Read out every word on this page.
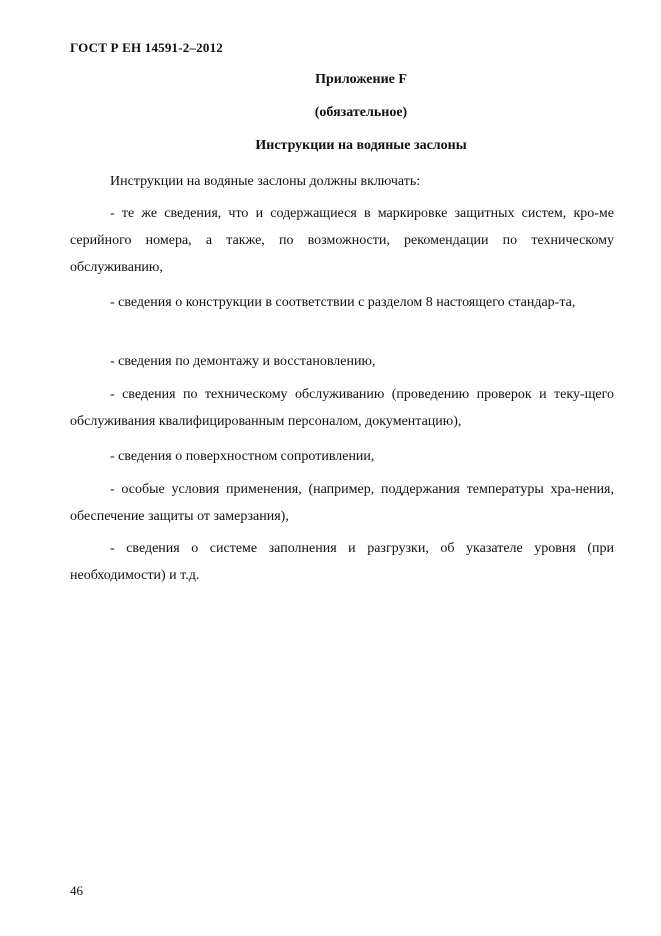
ГОСТ Р ЕН 14591-2–2012
Приложение F
(обязательное)
Инструкции на водяные заслоны

Инструкции на водяные заслоны должны включать:

- те же сведения, что и содержащиеся в маркировке защитных систем, кро-ме серийного номера, а также, по возможности, рекомендации по техническому обслуживанию,

- сведения о конструкции в соответствии с разделом 8 настоящего стандар-та,

- сведения по демонтажу и восстановлению,

- сведения по техническому обслуживанию (проведению проверок и теку-щего обслуживания квалифицированным персоналом, документацию),

- сведения о поверхностном сопротивлении,

- особые условия применения, (например, поддержания температуры хра-нения, обеспечение защиты от замерзания),

- сведения о системе заполнения и разгрузки, об указателе уровня (при необходимости) и т.д.

46
